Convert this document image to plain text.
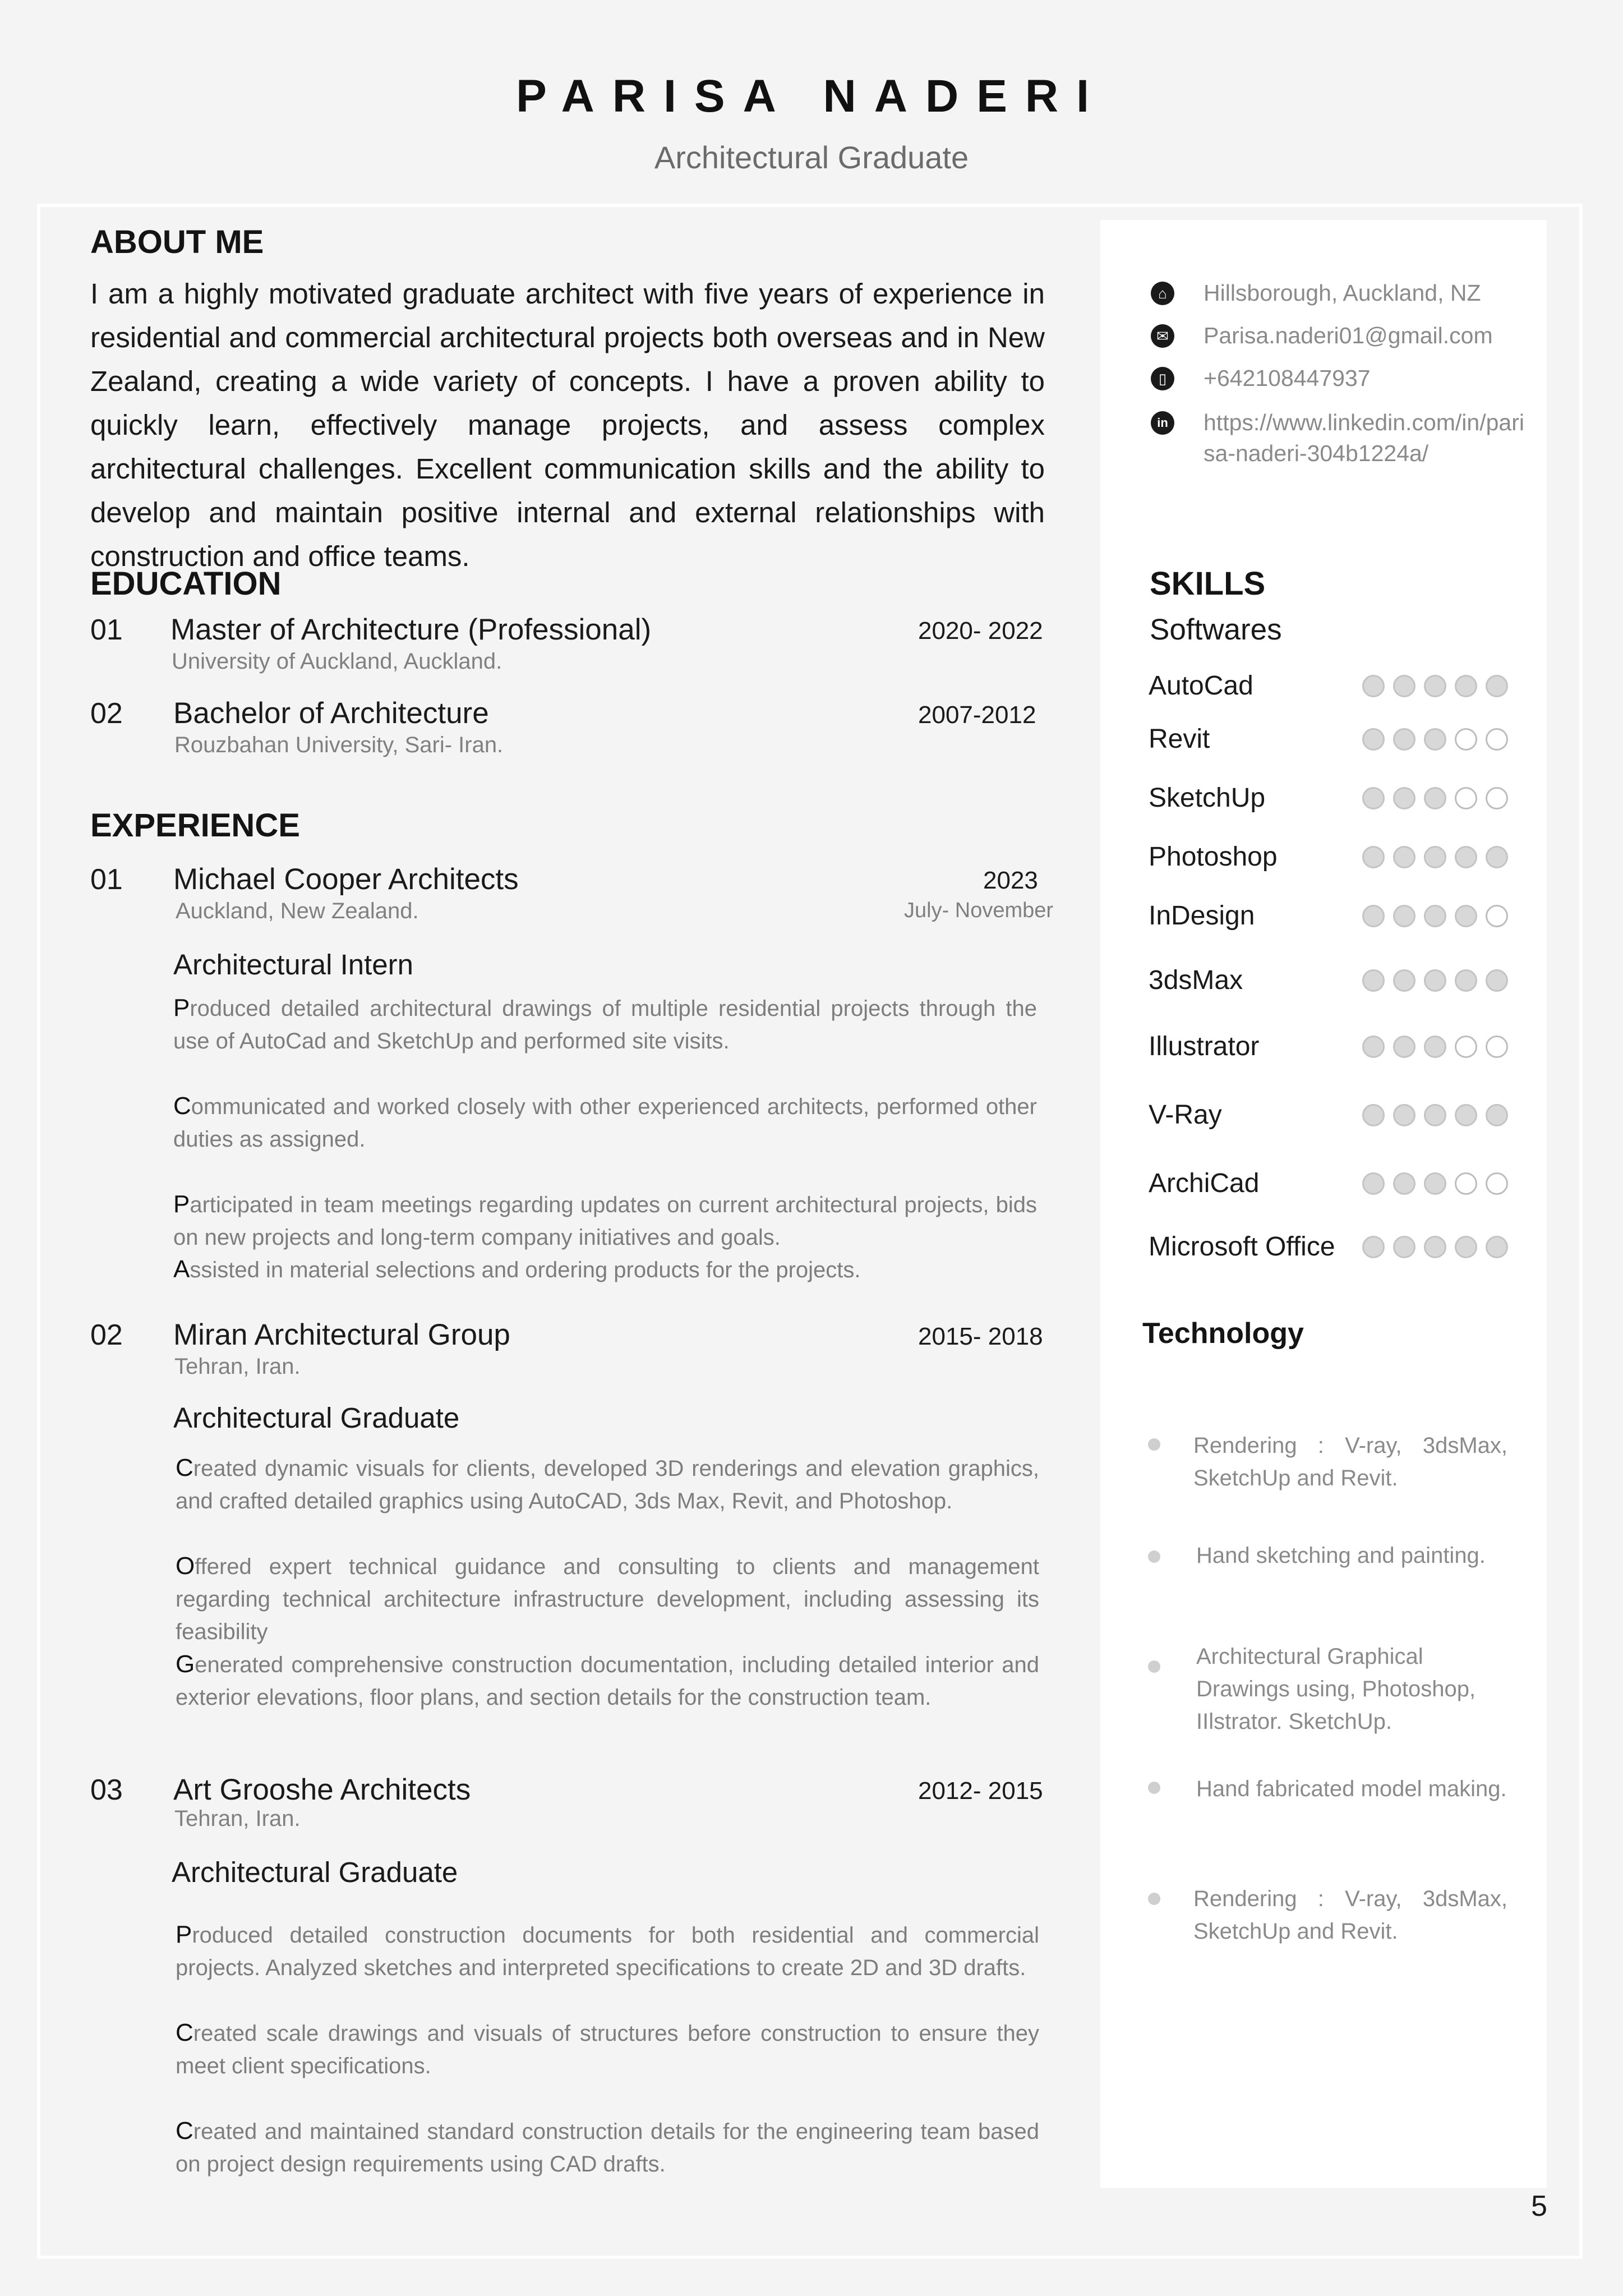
PARISA NADERI
Architectural Graduate
ABOUT ME
I am a highly motivated graduate architect with five years of experience in residential and commercial architectural projects both overseas and in New Zealand, creating a wide variety of concepts. I have a proven ability to quickly learn, effectively manage projects, and assess complex architectural challenges. Excellent communication skills and the ability to develop and maintain positive internal and external relationships with construction and office teams.
EDUCATION
01 Master of Architecture (Professional)
University of Auckland, Auckland.
2020- 2022
02 Bachelor of Architecture
Rouzbahan University, Sari- Iran.
2007-2012
EXPERIENCE
01 Michael Cooper Architects
Auckland, New Zealand.
2023
July- November
Architectural Intern
Produced detailed architectural drawings of multiple residential projects through the use of AutoCad and SketchUp and performed site visits.
Communicated and worked closely with other experienced architects, performed other duties as assigned.
Participated in team meetings regarding updates on current architectural projects, bids on new projects and long-term company initiatives and goals.
Assisted in material selections and ordering products for the projects.
02 Miran Architectural Group
Tehran, Iran.
2015- 2018
Architectural Graduate
Created dynamic visuals for clients, developed 3D renderings and elevation graphics, and crafted detailed graphics using AutoCAD, 3ds Max, Revit, and Photoshop.
Offered expert technical guidance and consulting to clients and management regarding technical architecture infrastructure development, including assessing its feasibility
Generated comprehensive construction documentation, including detailed interior and exterior elevations, floor plans, and section details for the construction team.
03 Art Grooshe Architects
Tehran, Iran.
2012- 2015
Architectural Graduate
Produced detailed construction documents for both residential and commercial projects. Analyzed sketches and interpreted specifications to create 2D and 3D drafts.
Created scale drawings and visuals of structures before construction to ensure they meet client specifications.
Created and maintained standard construction details for the engineering team based on project design requirements using CAD drafts.
⌂	Hillsborough, Auckland, NZ
✉ Parisa.naderi01@gmail.com
▯	+642108447937
in https://www.linkedin.com/in/parisa-naderi-304b1224a/
SKILLS
Softwares
AutoCad
Revit
SketchUp
Photoshop
InDesign
3dsMax
Illustrator
V-Ray
ArchiCad
Microsoft Office
Technology
Rendering : V-ray, 3dsMax, SketchUp and Revit.
Hand sketching and painting.
Architectural Graphical Drawings using, Photoshop, IIlstrator. SketchUp.
Hand fabricated model making.
Rendering : V-ray, 3dsMax, SketchUp and Revit.
5
